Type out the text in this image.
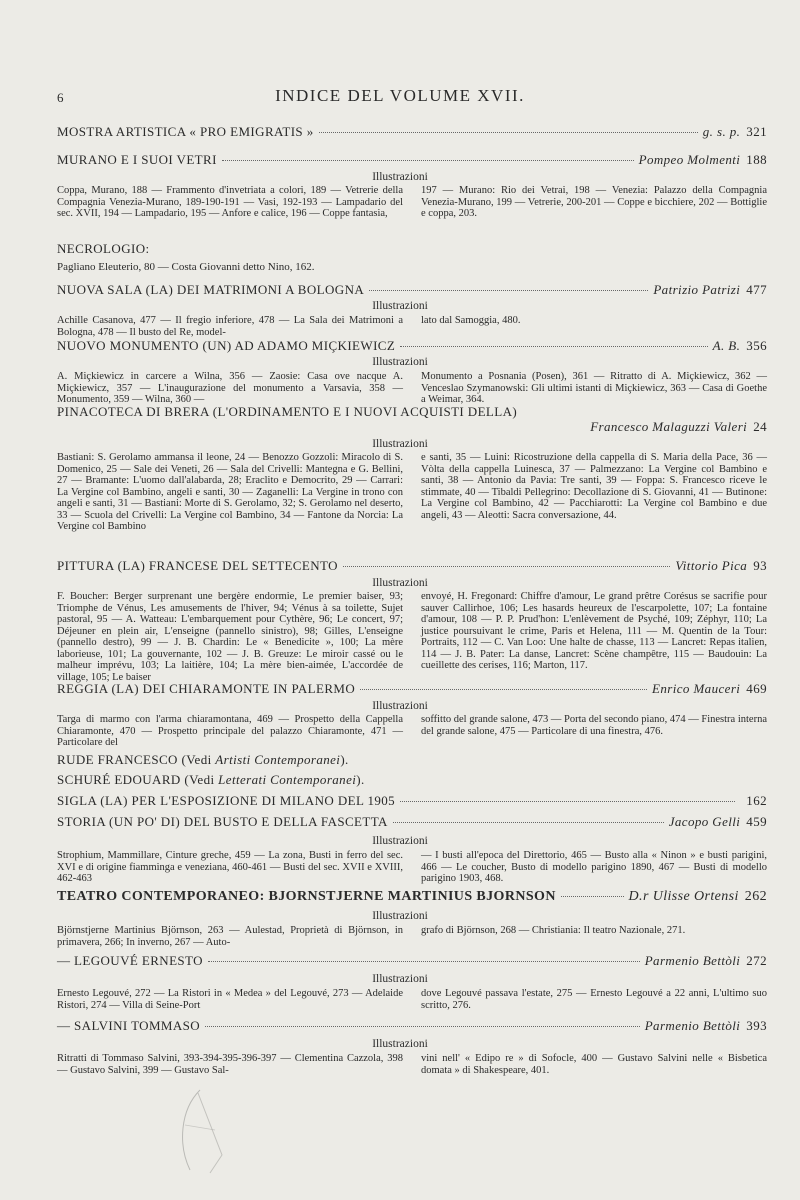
6	INDICE DEL VOLUME XVII.
MOSTRA ARTISTICA « PRO EMIGRATIS »	g. s. p. 321
MURANO E I SUOI VETRI	Pompeo Molmenti 188
Illustrazioni
Coppa, Murano, 188 — Frammento d'invetriata a colori, 189 — Vetrerie della Compagnia Venezia-Murano, 189-190-191 — Vasi, 192-193 — Lampadario del sec. XVII, 194 — Lampadario, 195 — Anfore e calice, 196 — Coppe fantasia,
197 — Murano: Rio dei Vetrai, 198 — Venezia: Palazzo della Compagnia Venezia-Murano, 199 — Vetrerie, 200-201 — Coppe e bicchiere, 202 — Bottiglie e coppa, 203.
NECROLOGIO:
Pagliano Eleuterio, 80 — Costa Giovanni detto Nino, 162.
NUOVA SALA (LA) DEI MATRIMONI A BOLOGNA	Patrizio Patrizi 477
Illustrazioni
Achille Casanova, 477 — Il fregio inferiore, 478 — La Sala dei Matrimoni a Bologna, 478 — Il busto del Re, model-
lato dal Samoggia, 480.
NUOVO MONUMENTO (UN) AD ADAMO MIÇKIEWICZ	A. B. 356
Illustrazioni
A. Miçkiewicz in carcere a Wilna, 356 — Zaosie: Casa ove nacque A. Miçkiewicz, 357 — L'inaugurazione del monumento a Varsavia, 358 — Monumento, 359 — Wilna, 360 —
Monumento a Posnania (Posen), 361 — Ritratto di A. Miçkiewicz, 362 — Venceslao Szymanowski: Gli ultimi istanti di Miçkiewicz, 363 — Casa di Goethe a Weimar, 364.
PINACOTECA DI BRERA (L'ORDINAMENTO E I NUOVI ACQUISTI DELLA)
Francesco Malaguzzi Valeri 24
Illustrazioni
Bastiani: S. Gerolamo ammansa il leone, 24 — Benozzo Gozzoli: Miracolo di S. Domenico, 25 — Sale dei Veneti, 26 — Sala del Crivelli: Mantegna e G. Bellini, 27 — Bramante: L'uomo dall'alabarda, 28; Eraclito e Democrito, 29 — Carrari: La Vergine col Bambino, angeli e santi, 30 — Zaganelli: La Vergine in trono con angeli e santi, 31 — Bastiani: Morte di S. Gerolamo, 32; S. Gerolamo nel deserto, 33 — Scuola del Crivelli: La Vergine col Bambino, 34 — Fantone da Norcia: La Vergine col Bambino
e santi, 35 — Luini: Ricostruzione della cappella di S. Maria della Pace, 36 — Vòlta della cappella Luinesca, 37 — Palmezzano: La Vergine col Bambino e santi, 38 — Antonio da Pavia: Tre santi, 39 — Foppa: S. Francesco riceve le stimmate, 40 — Tibaldi Pellegrino: Decollazione di S. Giovanni, 41 — Butinone: La Vergine col Bambino, 42 — Pacchiarotti: La Vergine col Bambino e due angeli, 43 — Aleotti: Sacra conversazione, 44.
PITTURA (LA) FRANCESE DEL SETTECENTO	Vittorio Pica 93
Illustrazioni
F. Boucher: Berger surprenant une bergère endormie, Le premier baiser, 93; Triomphe de Vénus, Les amusements de l'hiver, 94; Vénus à sa toilette, Sujet pastoral, 95 — A. Watteau: L'embarquement pour Cythère, 96; Le concert, 97; Déjeuner en plein air, L'enseigne (pannello sinistro), 98; Gilles, L'enseigne (pannello destro), 99 — J. B. Chardin: Le « Benedicite », 100; La mère laborieuse, 101; La gouvernante, 102 — J. B. Greuze: Le miroir cassé ou le malheur imprévu, 103; La laitière, 104; La mère bien-aimée, L'accordée de village, 105; Le baiser
envoyé, H. Fregonard: Chiffre d'amour, Le grand prêtre Corésus se sacrifie pour sauver Callirhoe, 106; Les hasards heureux de l'escarpolette, 107; La fontaine d'amour, 108 — P. P. Prud'hon: L'enlèvement de Psyché, 109; Zéphyr, 110; La justice poursuivant le crime, Paris et Helena, 111 — M. Quentin de la Tour: Portraits, 112 — C. Van Loo: Une halte de chasse, 113 — Lancret: Repas italien, 114 — J. B. Pater: La danse, Lancret: Scène champêtre, 115 — Baudouin: La cueillette des cerises, 116; Marton, 117.
REGGIA (LA) DEI CHIARAMONTE IN PALERMO	Enrico Mauceri 469
Illustrazioni
Targa di marmo con l'arma chiaramontana, 469 — Prospetto della Cappella Chiaramonte, 470 — Prospetto principale del palazzo Chiaramonte, 471 — Particolare del
soffitto del grande salone, 473 — Porta del secondo piano, 474 — Finestra interna del grande salone, 475 — Particolare di una finestra, 476.
RUDE FRANCESCO (Vedi Artisti Contemporanei).
SCHURÉ EDOUARD (Vedi Letterati Contemporanei).
SIGLA (LA) PER L'ESPOSIZIONE DI MILANO DEL 1905	162
STORIA (UN PO' DI) DEL BUSTO E DELLA FASCETTA	Jacopo Gelli 459
Illustrazioni
Strophium, Mammillare, Cinture greche, 459 — La zona, Busti in ferro del sec. XVI e di origine fiamminga e veneziana, 460-461 — Busti del sec. XVII e XVIII, 462-463
— I busti all'epoca del Direttorio, 465 — Busto alla « Ninon » e busti parigini, 466 — Le coucher, Busto di modello parigino 1890, 467 — Busti di modello parigino 1903, 468.
TEATRO CONTEMPORANEO: BJORNSTJERNE MARTINIUS BJORNSON	D.r Ulisse Ortensi 262
Illustrazioni
Björnstjerne Martinius Björnson, 263 — Aulestad, Proprietà di Björnson, in primavera, 266; In inverno, 267 — Auto-
grafo di Björnson, 268 — Christiania: Il teatro Nazionale, 271.
— LEGOUVÉ ERNESTO	Parmenio Bettòli 272
Illustrazioni
Ernesto Legouvé, 272 — La Ristori in « Medea » del Legouvé, 273 — Adelaide Ristori, 274 — Villa di Seine-Port
dove Legouvé passava l'estate, 275 — Ernesto Legouvé a 22 anni, L'ultimo suo scritto, 276.
— SALVINI TOMMASO	Parmenio Bettòli 393
Illustrazioni
Ritratti di Tommaso Salvini, 393-394-395-396-397 — Clementina Cazzola, 398 — Gustavo Salvini, 399 — Gustavo Sal-
vini nell' « Edipo re » di Sofocle, 400 — Gustavo Salvini nelle « Bisbetica domata » di Shakespeare, 401.
